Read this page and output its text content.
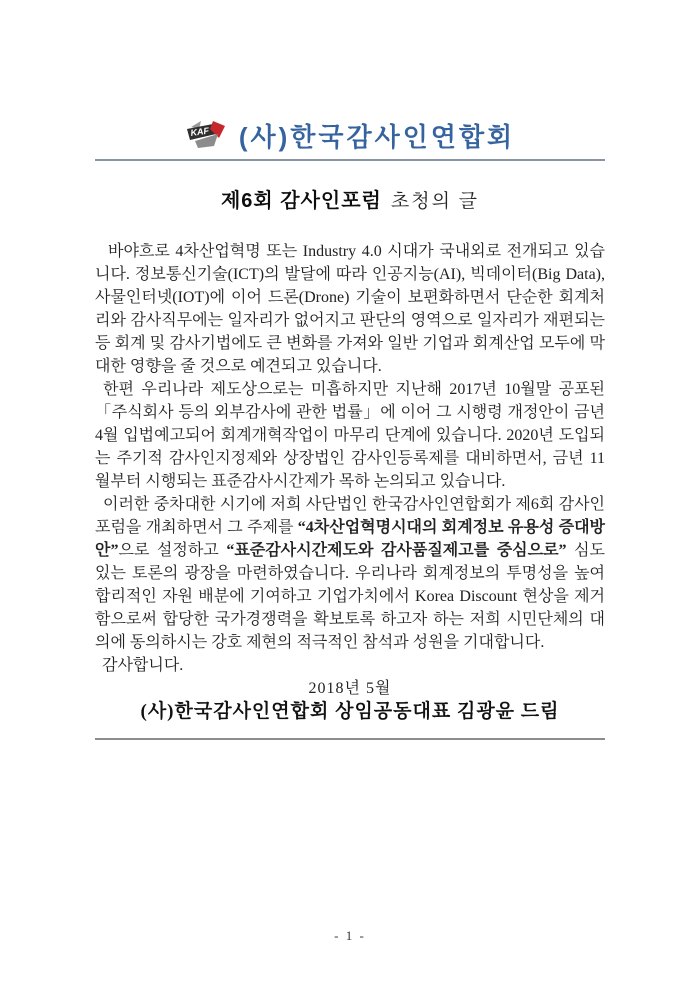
KAF (사)한국감사인연합회
제6회 감사인포럼 초청의 글

바야흐로 4차산업혁명 또는 Industry 4.0 시대가 국내외로 전개되고 있습니다. 정보통신기술(ICT)의 발달에 따라 인공지능(AI), 빅데이터(Big Data), 사물인터넷(IOT)에 이어 드론(Drone) 기술이 보편화하면서 단순한 회계처리와 감사직무에는 일자리가 없어지고 판단의 영역으로 일자리가 재편되는 등 회계 및 감사기법에도 큰 변화를 가져와 일반 기업과 회계산업 모두에 막대한 영향을 줄 것으로 예견되고 있습니다.

한편 우리나라 제도상으로는 미흡하지만 지난해 2017년 10월말 공포된 「주식회사 등의 외부감사에 관한 법률」에 이어 그 시행령 개정안이 금년 4월 입법예고되어 회계개혁작업이 마무리 단계에 있습니다. 2020년 도입되는 주기적 감사인지정제와 상장법인 감사인등록제를 대비하면서, 금년 11월부터 시행되는 표준감사시간제가 목하 논의되고 있습니다.

이러한 중차대한 시기에 저희 사단법인 한국감사인연합회가 제6회 감사인포럼을 개최하면서 그 주제를 “4차산업혁명시대의 회계정보 유용성 증대방안”으로 설정하고 “표준감사시간제도와 감사품질제고를 중심으로” 심도 있는 토론의 광장을 마련하였습니다. 우리나라 회계정보의 투명성을 높여 합리적인 자원 배분에 기여하고 기업가치에서 Korea Discount 현상을 제거함으로써 합당한 국가경쟁력을 확보토록 하고자 하는 저희 시민단체의 대의에 동의하시는 강호 제현의 적극적인 참석과 성원을 기대합니다.

감사합니다.

2018년 5월

(사)한국감사인연합회 상임공동대표 김광윤 드림

- 1 -
